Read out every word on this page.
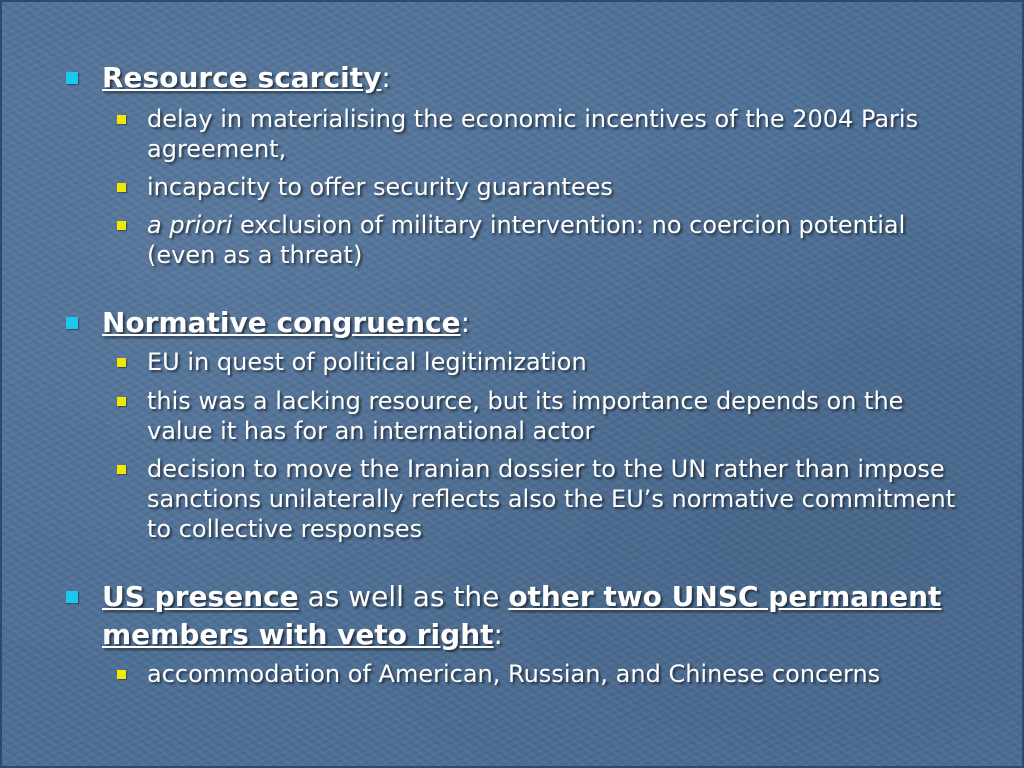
Resource scarcity:
delay in materialising the economic incentives of the 2004 Paris agreement,
incapacity to offer security guarantees
a priori exclusion of military intervention: no coercion potential (even as a threat)
Normative congruence:
EU in quest of political legitimization
this was a lacking resource, but its importance depends on the value it has for an international actor
decision to move the Iranian dossier to the UN rather than impose sanctions unilaterally reflects also the EU’s normative commitment to collective responses
US presence as well as the other two UNSC permanent members with veto right:
accommodation of American, Russian, and Chinese concerns
